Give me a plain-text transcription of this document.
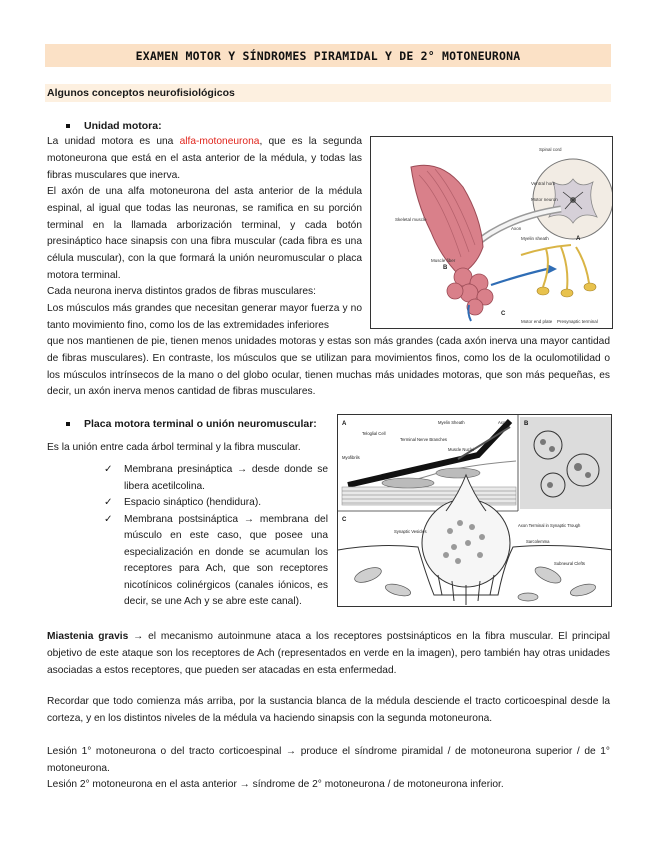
EXAMEN MOTOR Y SÍNDROMES PIRAMIDAL Y DE 2° MOTONEURONA
Algunos conceptos neurofisiológicos
Unidad motora:

La unidad motora es una alfa-motoneurona, que es la segunda motoneurona que está en el asta anterior de la médula, y todas las fibras musculares que inerva.

El axón de una alfa motoneurona del asta anterior de la médula espinal, al igual que todas las neuronas, se ramifica en su porción terminal en la llamada arborización terminal, y cada botón presináptico hace sinapsis con una fibra muscular (cada fibra es una célula muscular), con la que formará la unión neuromuscular o placa motora terminal.

Cada neurona inerva distintos grados de fibras musculares:

Los músculos más grandes que necesitan generar mayor fuerza y no tanto movimiento fino, como los de las extremidades inferiores

que nos mantienen de pie, tienen menos unidades motoras y estas son más grandes (cada axón inerva una mayor cantidad de fibras musculares). En contraste, los músculos que se utilizan para movimientos finos, como los de la oculomotilidad o los músculos intrínsecos de la mano o del globo ocular, tienen muchas más unidades motoras, que son más pequeñas, es decir, un axón inerva menos cantidad de fibras musculares.

Spinal cord
Ventral horn
Motor neuron
Skeletal muscle
Axon
Myelin sheath
Muscle fiber
Motor end plate Presynaptic terminal
A
B
C
Placa motora terminal o unión neuromuscular:

Es la unión entre cada árbol terminal y la fibra muscular.

✓ Membrana presináptica → desde donde se libera acetilcolina.
✓ Espacio sináptico (hendidura).
✓ Membrana postsináptica → membrana del músculo en este caso, que posee una especialización en donde se acumulan los receptores para Ach, que son receptores nicotínicos colinérgicos (canales iónicos, es decir, se une Ach y se abre este canal).
Myelin Sheath	Axon
Teloglial Cell
Terminal Nerve Branches
Myofibrils
Muscle Nuclei
Synaptic Vesicles
Axon Terminal in Synaptic Trough
Sarcolemma
Subneural Clefts
A	B
C

Miastenia gravis → el mecanismo autoinmune ataca a los receptores postsinápticos en la fibra muscular. El principal objetivo de este ataque son los receptores de Ach (representados en verde en la imagen), pero también hay otras unidades asociadas a estos receptores, que pueden ser atacadas en esta enfermedad.

Recordar que todo comienza más arriba, por la sustancia blanca de la médula desciende el tracto corticoespinal desde la corteza, y en los distintos niveles de la médula va haciendo sinapsis con la segunda motoneurona.

Lesión 1° motoneurona o del tracto corticoespinal → produce el síndrome piramidal / de motoneurona superior / de 1° motoneurona.

Lesión 2° motoneurona en el asta anterior → síndrome de 2° motoneurona / de motoneurona inferior.
